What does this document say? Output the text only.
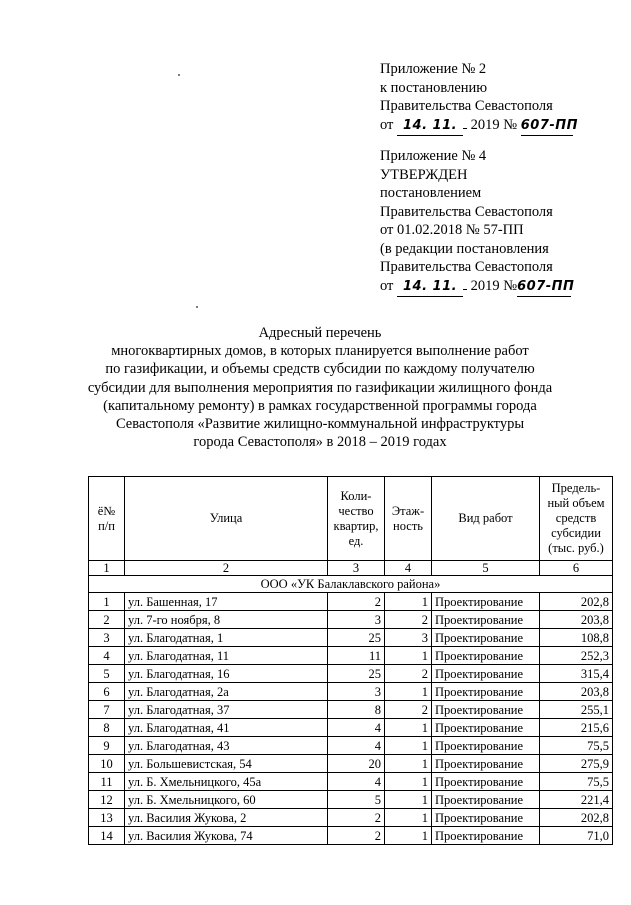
Приложение № 2
к постановлению
Правительства Севастополя
от 14. 11. 2019 № 607-ПП
Приложение № 4
УТВЕРЖДЕН
постановлением
Правительства Севастополя
от 01.02.2018 № 57-ПП
(в редакции постановления
Правительства Севастополя
от 14. 11. 2019 №607-ПП
Адресный перечень
многоквартирных домов, в которых планируется выполнение работ
по газификации, и объемы средств субсидии по каждому получателю
субсидии для выполнения мероприятия по газификации жилищного фонда
(капитальному ремонту) в рамках государственной программы города
Севастополя «Развитие жилищно-коммунальной инфраструктуры
города Севастополя» в 2018 – 2019 годах
ё№ п/п	Улица	Коли-чество квартир, ед.	Этаж-ность	Вид работ	Предель-ный объем средств субсидии (тыс. руб.)
1	2	3	4	5	6
ООО «УК Балаклавского района»					
1	ул. Башенная, 17	2	1	Проектирование	202,8
2	ул. 7-го ноября, 8	3	2	Проектирование	203,8
3	ул. Благодатная, 1	25	3	Проектирование	108,8
4	ул. Благодатная, 11	11	1	Проектирование	252,3
5	ул. Благодатная, 16	25	2	Проектирование	315,4
6	ул. Благодатная, 2а	3	1	Проектирование	203,8
7	ул. Благодатная, 37	8	2	Проектирование	255,1
8	ул. Благодатная, 41	4	1	Проектирование	215,6
9	ул. Благодатная, 43	4	1	Проектирование	75,5
10	ул. Большевистская, 54	20	1	Проектирование	275,9
11	ул. Б. Хмельницкого, 45а	4	1	Проектирование	75,5
12	ул. Б. Хмельницкого, 60	5	1	Проектирование	221,4
13	ул. Василия Жукова, 2	2	1	Проектирование	202,8
14	ул. Василия Жукова, 74	2	1	Проектирование	71,0
